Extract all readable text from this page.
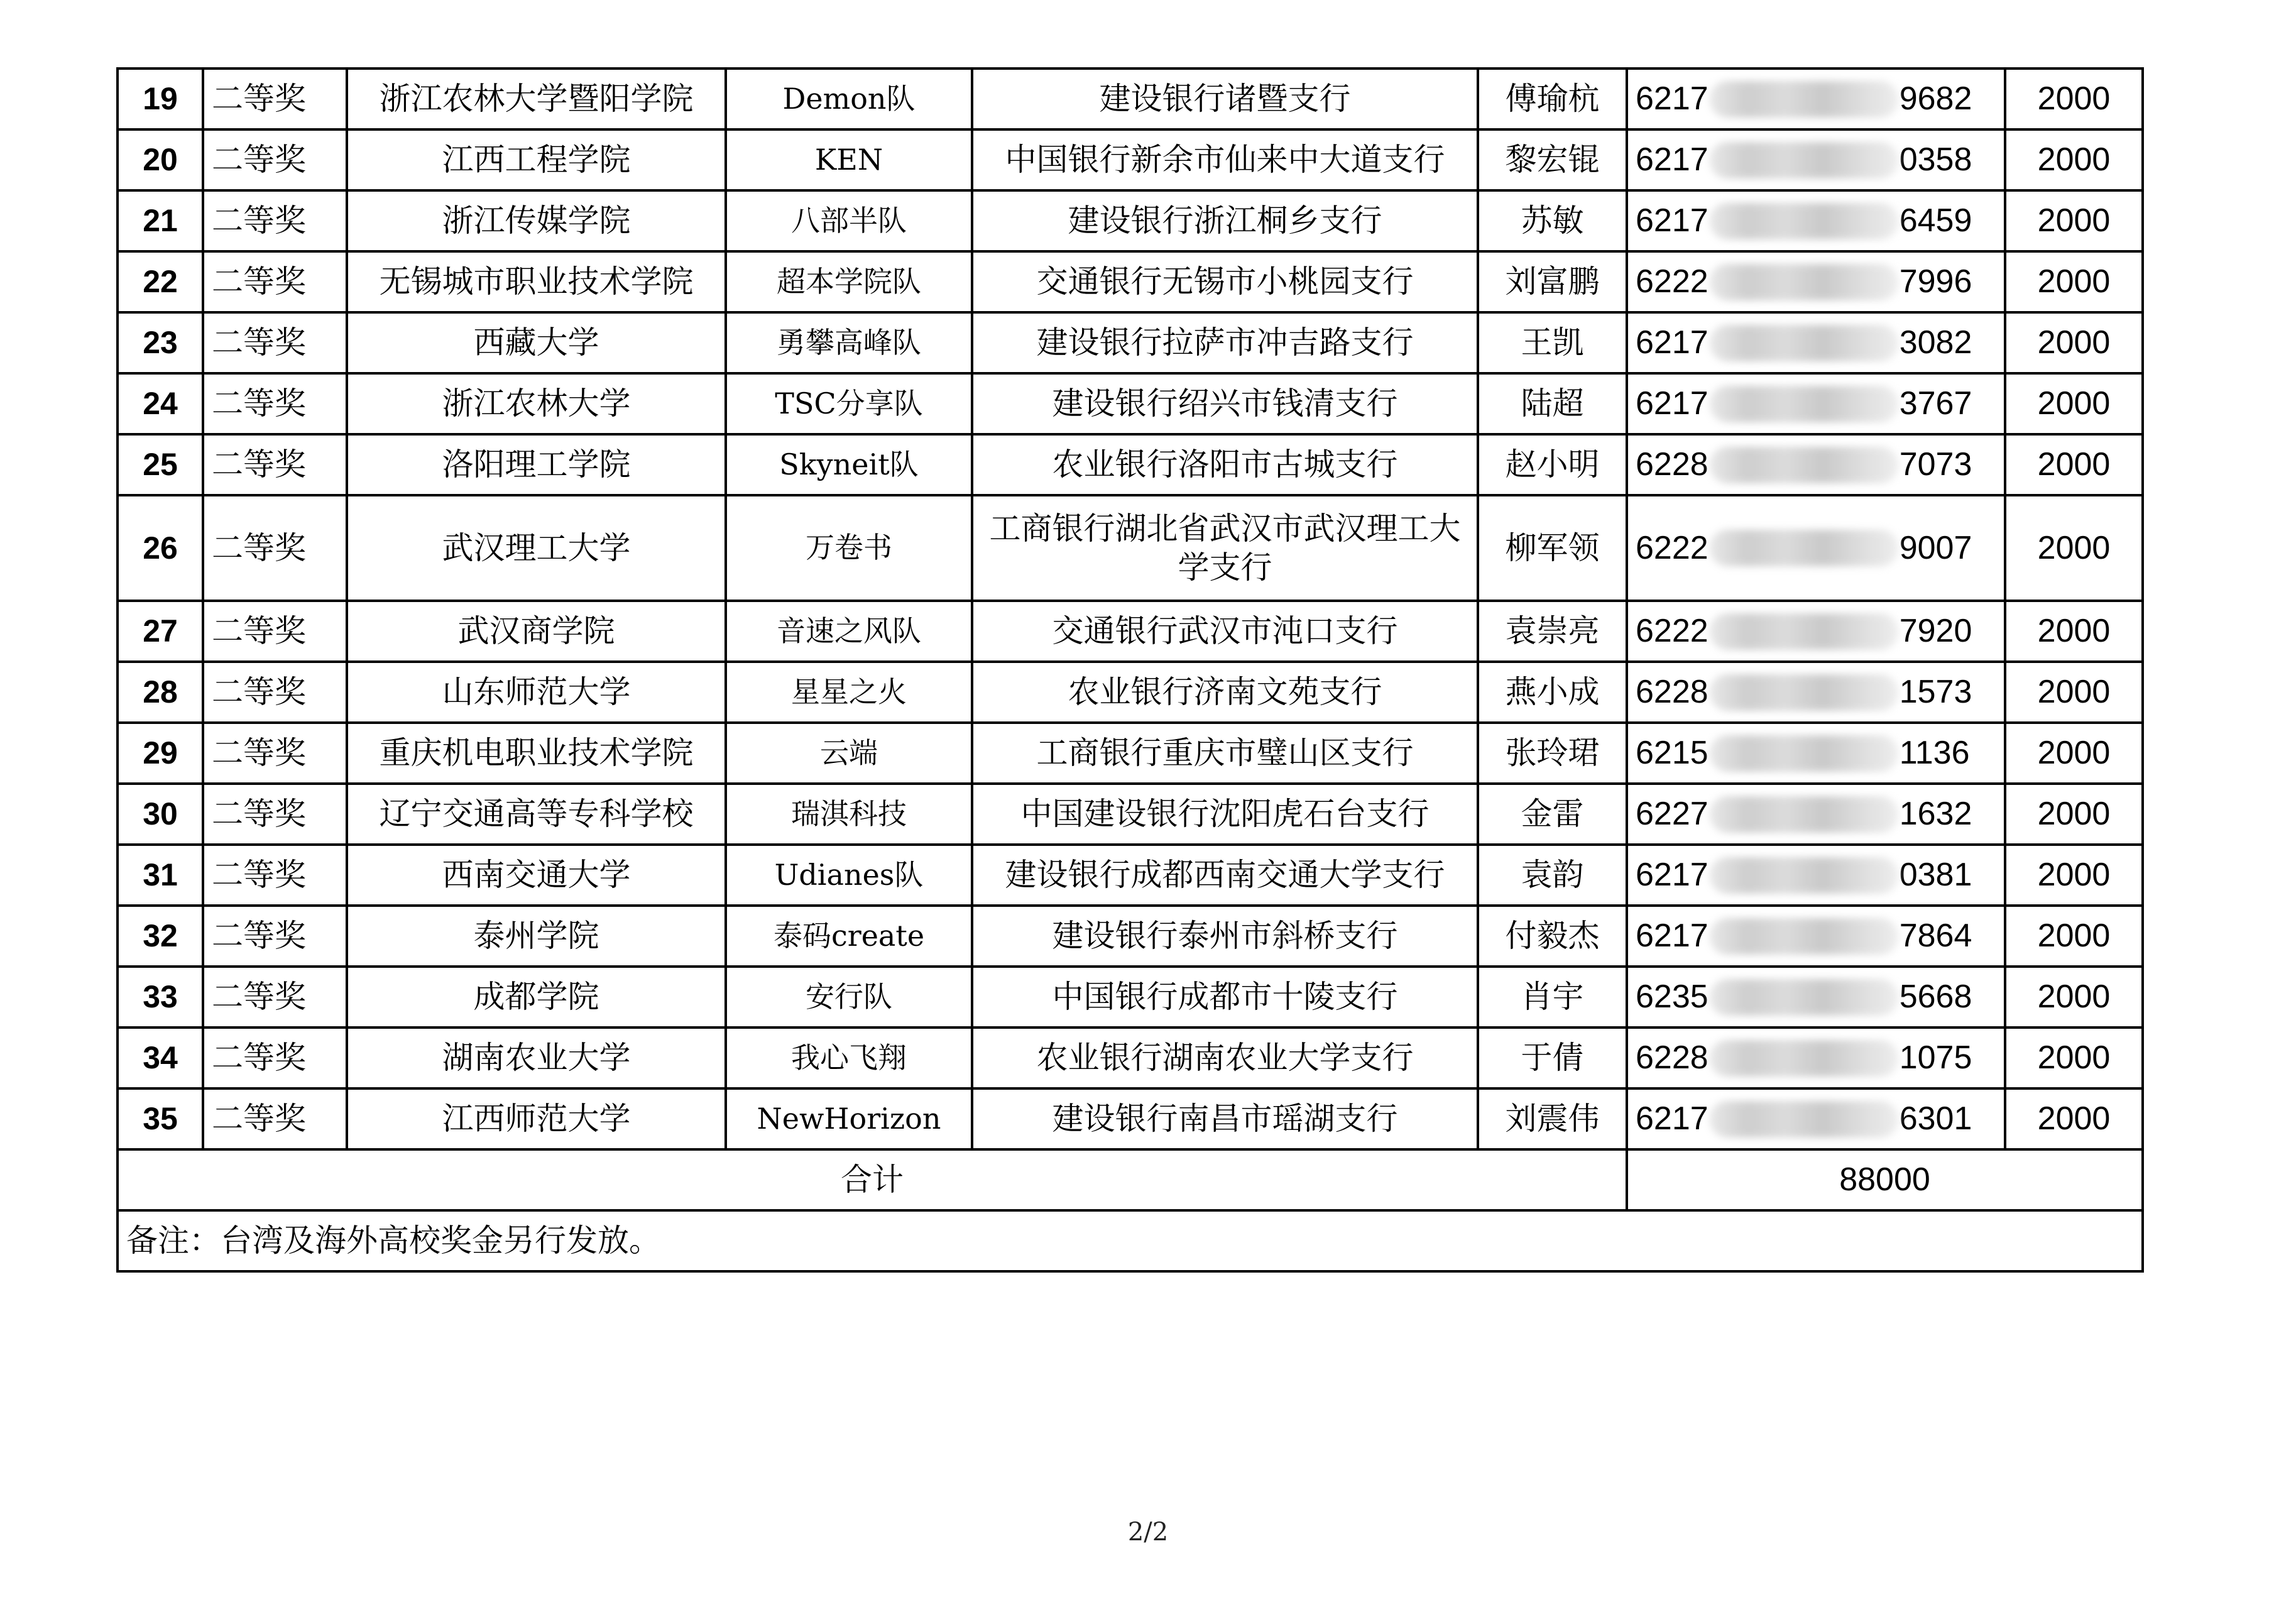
19	二等奖	浙江农林大学暨阳学院	Demon队	建设银行诸暨支行	傅瑜杭	6217 9682	2000
20	二等奖	江西工程学院	KEN	中国银行新余市仙来中大道支行	黎宏锟	6217 0358	2000
21	二等奖	浙江传媒学院	八部半队	建设银行浙江桐乡支行	苏敏	6217 6459	2000
22	二等奖	无锡城市职业技术学院	超本学院队	交通银行无锡市小桃园支行	刘富鹏	6222 7996	2000
23	二等奖	西藏大学	勇攀高峰队	建设银行拉萨市冲吉路支行	王凯	6217 3082	2000
24	二等奖	浙江农林大学	TSC分享队	建设银行绍兴市钱清支行	陆超	6217 3767	2000
25	二等奖	洛阳理工学院	Skyneit队	农业银行洛阳市古城支行	赵小明	6228 7073	2000
26	二等奖	武汉理工大学	万卷书	工商银行湖北省武汉市武汉理工大学支行	柳军领	6222 9007	2000
27	二等奖	武汉商学院	音速之风队	交通银行武汉市沌口支行	袁崇亮	6222 7920	2000
28	二等奖	山东师范大学	星星之火	农业银行济南文苑支行	燕小成	6228 1573	2000
29	二等奖	重庆机电职业技术学院	云端	工商银行重庆市璧山区支行	张玲珺	6215 1136	2000
30	二等奖	辽宁交通高等专科学校	瑞淇科技	中国建设银行沈阳虎石台支行	金雷	6227 1632	2000
31	二等奖	西南交通大学	Udianes队	建设银行成都西南交通大学支行	袁韵	6217 0381	2000
32	二等奖	泰州学院	泰码create	建设银行泰州市斜桥支行	付毅杰	6217 7864	2000
33	二等奖	成都学院	安行队	中国银行成都市十陵支行	肖宇	6235 5668	2000
34	二等奖	湖南农业大学	我心飞翔	农业银行湖南农业大学支行	于倩	6228 1075	2000
35	二等奖	江西师范大学	NewHorizon	建设银行南昌市瑶湖支行	刘震伟	6217 6301	2000
合计						88000	
备注：台湾及海外高校奖金另行发放。							
2/2
